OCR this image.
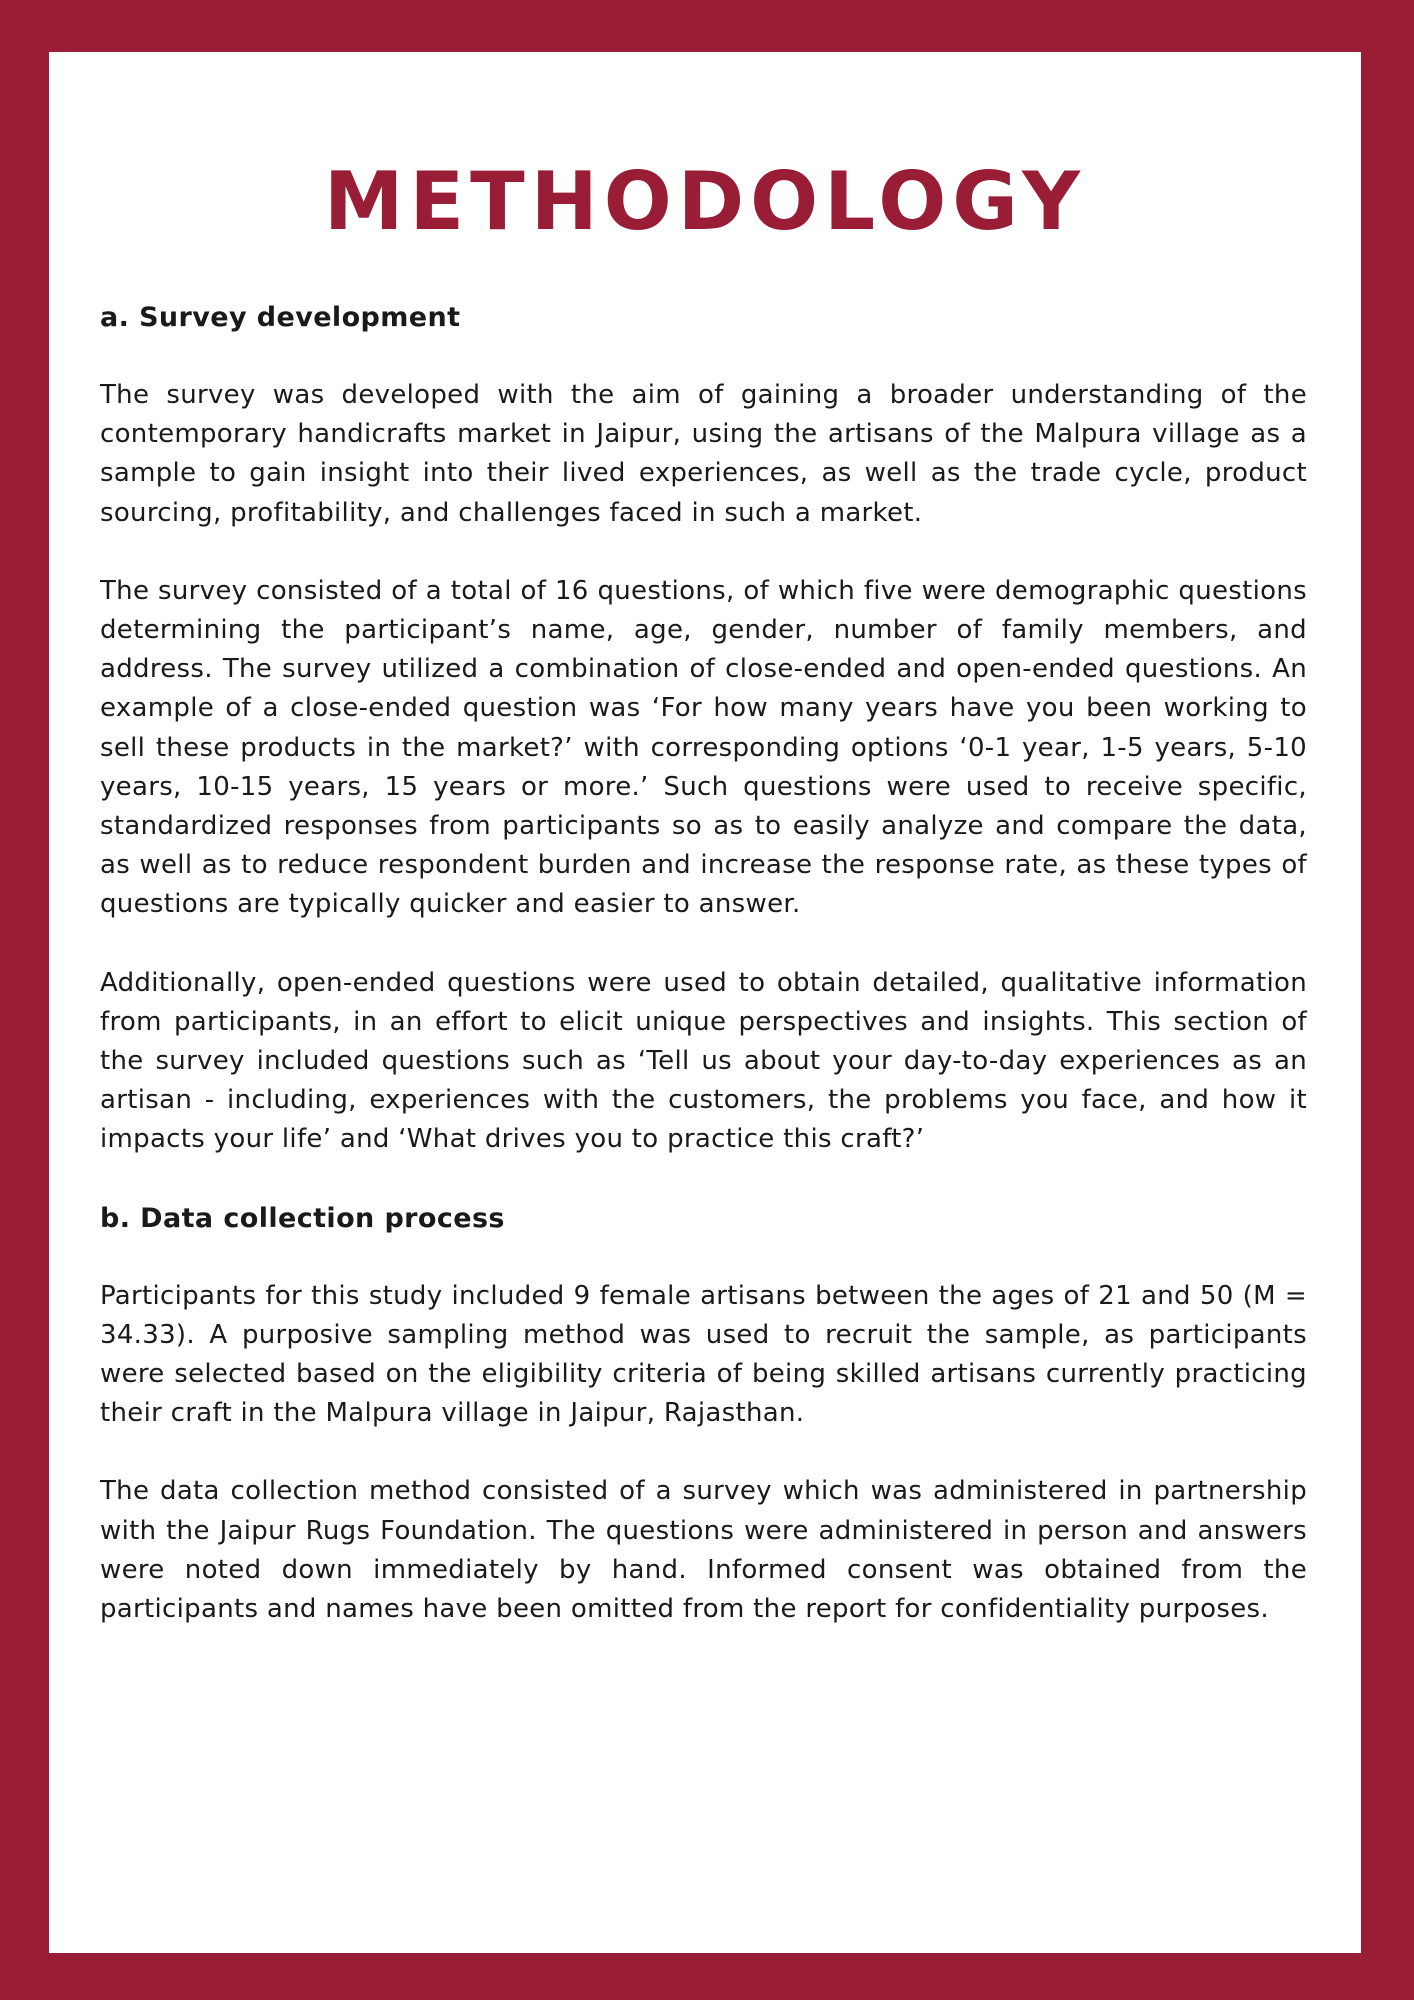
METHODOLOGY
a. Survey development

The survey was developed with the aim of gaining a broader understanding of the contemporary handicrafts market in Jaipur, using the artisans of the Malpura village as a sample to gain insight into their lived experiences, as well as the trade cycle, product sourcing, profitability, and challenges faced in such a market.

The survey consisted of a total of 16 questions, of which five were demographic questions determining the participant’s name, age, gender, number of family members, and address. The survey utilized a combination of close-ended and open-ended questions. An example of a close-ended question was ‘For how many years have you been working to sell these products in the market?’ with corresponding options ‘0-1 year, 1-5 years, 5-10 years, 10-15 years, 15 years or more.’ Such questions were used to receive specific, standardized responses from participants so as to easily analyze and compare the data, as well as to reduce respondent burden and increase the response rate, as these types of questions are typically quicker and easier to answer.

Additionally, open-ended questions were used to obtain detailed, qualitative information from participants, in an effort to elicit unique perspectives and insights. This section of the survey included questions such as ‘Tell us about your day-to-day experiences as an artisan - including, experiences with the customers, the problems you face, and how it impacts your life’ and ‘What drives you to practice this craft?’

b. Data collection process

Participants for this study included 9 female artisans between the ages of 21 and 50 (M = 34.33). A purposive sampling method was used to recruit the sample, as participants were selected based on the eligibility criteria of being skilled artisans currently practicing their craft in the Malpura village in Jaipur, Rajasthan.

The data collection method consisted of a survey which was administered in partnership with the Jaipur Rugs Foundation. The questions were administered in person and answers were noted down immediately by hand. Informed consent was obtained from the participants and names have been omitted from the report for confidentiality purposes.
